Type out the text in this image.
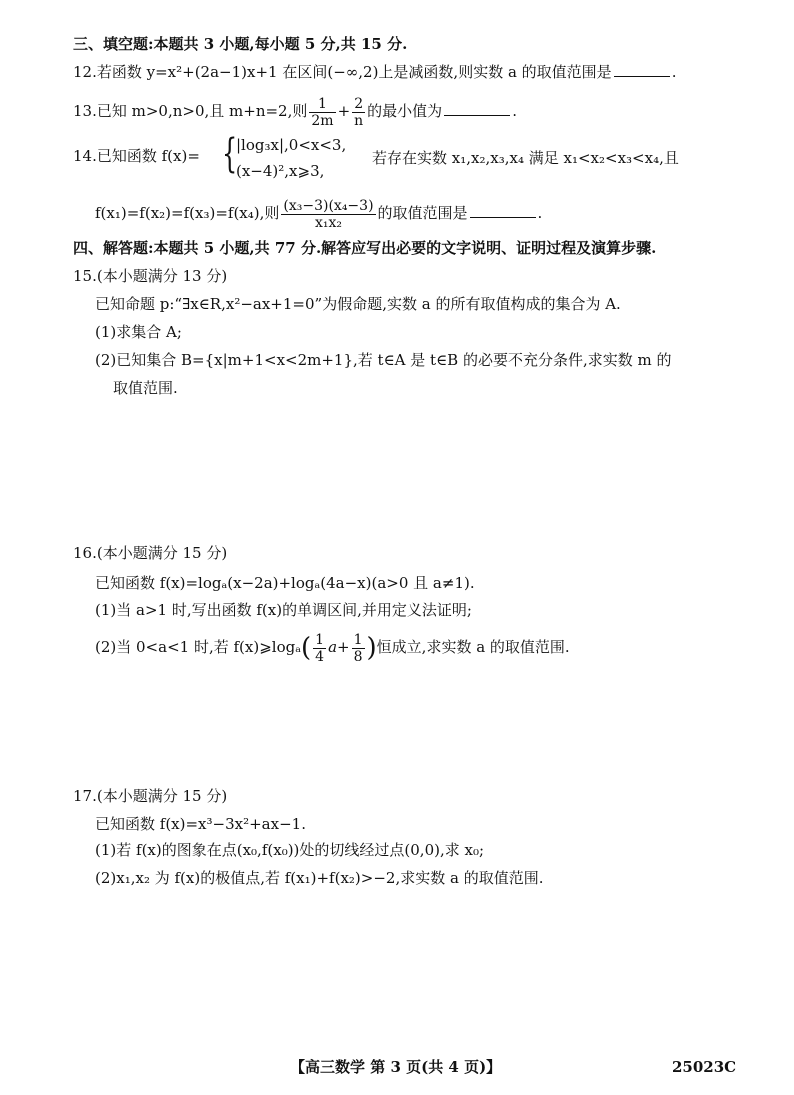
三、填空题:本题共 3 小题,每小题 5 分,共 15 分.
12.若函数 y=x²+(2a−1)x+1 在区间(−∞,2)上是减函数,则实数 a 的取值范围是	.
13.已知 m>0,n>0,且 m+n=2,则 $\frac{1}{2m} + \frac{2}{n}$ 的最小值为	.
14.已知函数 f(x)= {
|log₃x|,0<x<3,
(x−4)²,x⩾3,
若存在实数 x₁,x₂,x₃,x₄ 满足 x₁<x₂<x₃<x₄,且
f(x₁)=f(x₂)=f(x₃)=f(x₄),则 $\frac{\text{(x₃−3)(x₄−3)}}{\text{x₁x₂}}$ 的取值范围是	.
四、解答题:本题共 5 小题,共 77 分.解答应写出必要的文字说明、证明过程及演算步骤.
15.(本小题满分 13 分)
已知命题 p:“∃x∈R,x²−ax+1=0”为假命题,实数 a 的所有取值构成的集合为 A.
(1)求集合 A;
(2)已知集合 B={x|m+1<x<2m+1},若 t∈A 是 t∈B 的必要不充分条件,求实数 m 的
取值范围.
16.(本小题满分 15 分)
已知函数 f(x)=logₐ(x−2a)+logₐ(4a−x)(a>0 且 a≠1).
(1)当 a>1 时,写出函数 f(x)的单调区间,并用定义法证明;
(2)当 0<a<1 时,若 f(x)⩾logₐ( $\frac{1}{4} a+ \frac{1}{8}$ )恒成立,求实数 a 的取值范围.
17.(本小题满分 15 分)
已知函数 f(x)=x³−3x²+ax−1.
(1)若 f(x)的图象在点(x₀,f(x₀))处的切线经过点(0,0),求 x₀;
(2)x₁,x₂ 为 f(x)的极值点,若 f(x₁)+f(x₂)>−2,求实数 a 的取值范围.
【高三数学 第 3 页(共 4 页)】	25023C
